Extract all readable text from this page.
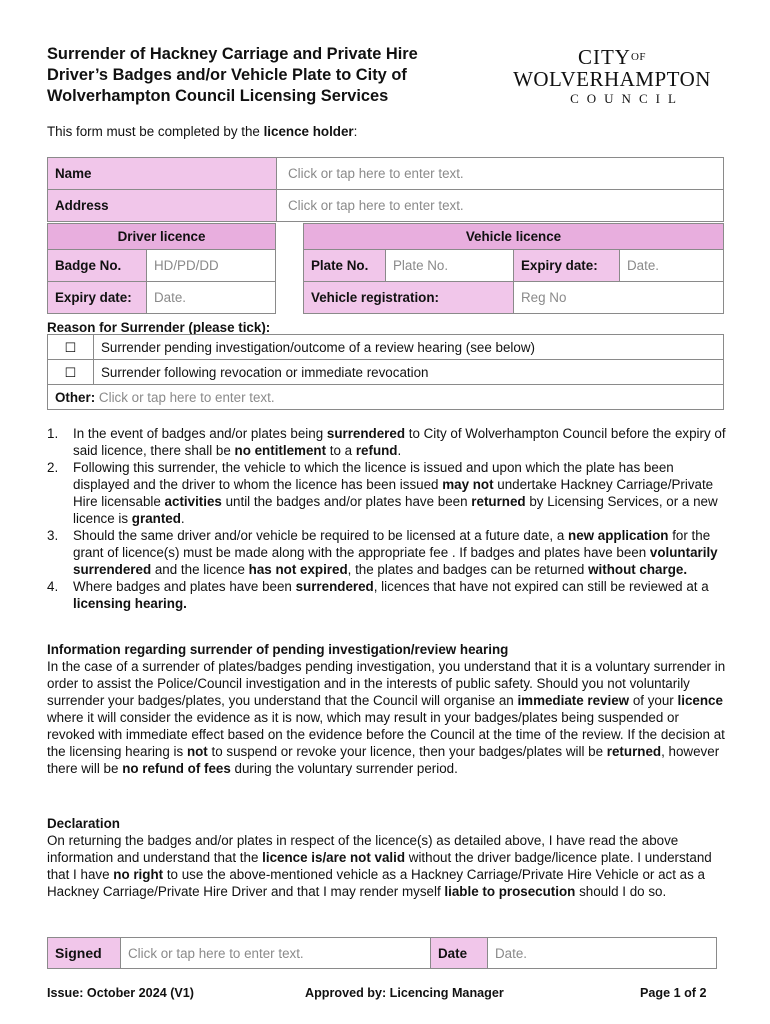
Surrender of Hackney Carriage and Private Hire
Driver’s Badges and/or Vehicle Plate to City of
Wolverhampton Council Licensing Services
CITYOF
WOLVERHAMPTON
COUNCIL
This form must be completed by the licence holder:
Name	Click or tap here to enter text.
Address	Click or tap here to enter text.
Driver licence	
Badge No.	HD/PD/DD
Expiry date:	Date.
Vehicle licence			
Plate No.	Plate No.	Expiry date:	Date.
Vehicle registration:		Reg No	
Reason for Surrender (please tick):
☐	Surrender pending investigation/outcome of a review hearing (see below)
☐	Surrender following revocation or immediate revocation
Other: Click or tap here to enter text.	
1. In the event of badges and/or plates being surrendered to City of Wolverhampton Council before the expiry of said licence, there shall be no entitlement to a refund.
2. Following this surrender, the vehicle to which the licence is issued and upon which the plate has been displayed and the driver to whom the licence has been issued may not undertake Hackney Carriage/Private Hire licensable activities until the badges and/or plates have been returned by Licensing Services, or a new licence is granted.
3. Should the same driver and/or vehicle be required to be licensed at a future date, a new application for the grant of licence(s) must be made along with the appropriate fee . If badges and plates have been voluntarily surrendered and the licence has not expired, the plates and badges can be returned without charge.
4. Where badges and plates have been surrendered, licences that have not expired can still be reviewed at a licensing hearing.
Information regarding surrender of pending investigation/review hearing
In the case of a surrender of plates/badges pending investigation, you understand that it is a voluntary surrender in order to assist the Police/Council investigation and in the interests of public safety. Should you not voluntarily surrender your badges/plates, you understand that the Council will organise an immediate review of your licence where it will consider the evidence as it is now, which may result in your badges/plates being suspended or revoked with immediate effect based on the evidence before the Council at the time of the review. If the decision at the licensing hearing is not to suspend or revoke your licence, then your badges/plates will be returned, however there will be no refund of fees during the voluntary surrender period.
Declaration
On returning the badges and/or plates in respect of the licence(s) as detailed above, I have read the above information and understand that the licence is/are not valid without the driver badge/licence plate. I understand that I have no right to use the above-mentioned vehicle as a Hackney Carriage/Private Hire Vehicle or act as a Hackney Carriage/Private Hire Driver and that I may render myself liable to prosecution should I do so.
Signed	Click or tap here to enter text.	Date	Date.
Issue: October 2024 (V1)	Approved by: Licencing Manager	Page 1 of 2
